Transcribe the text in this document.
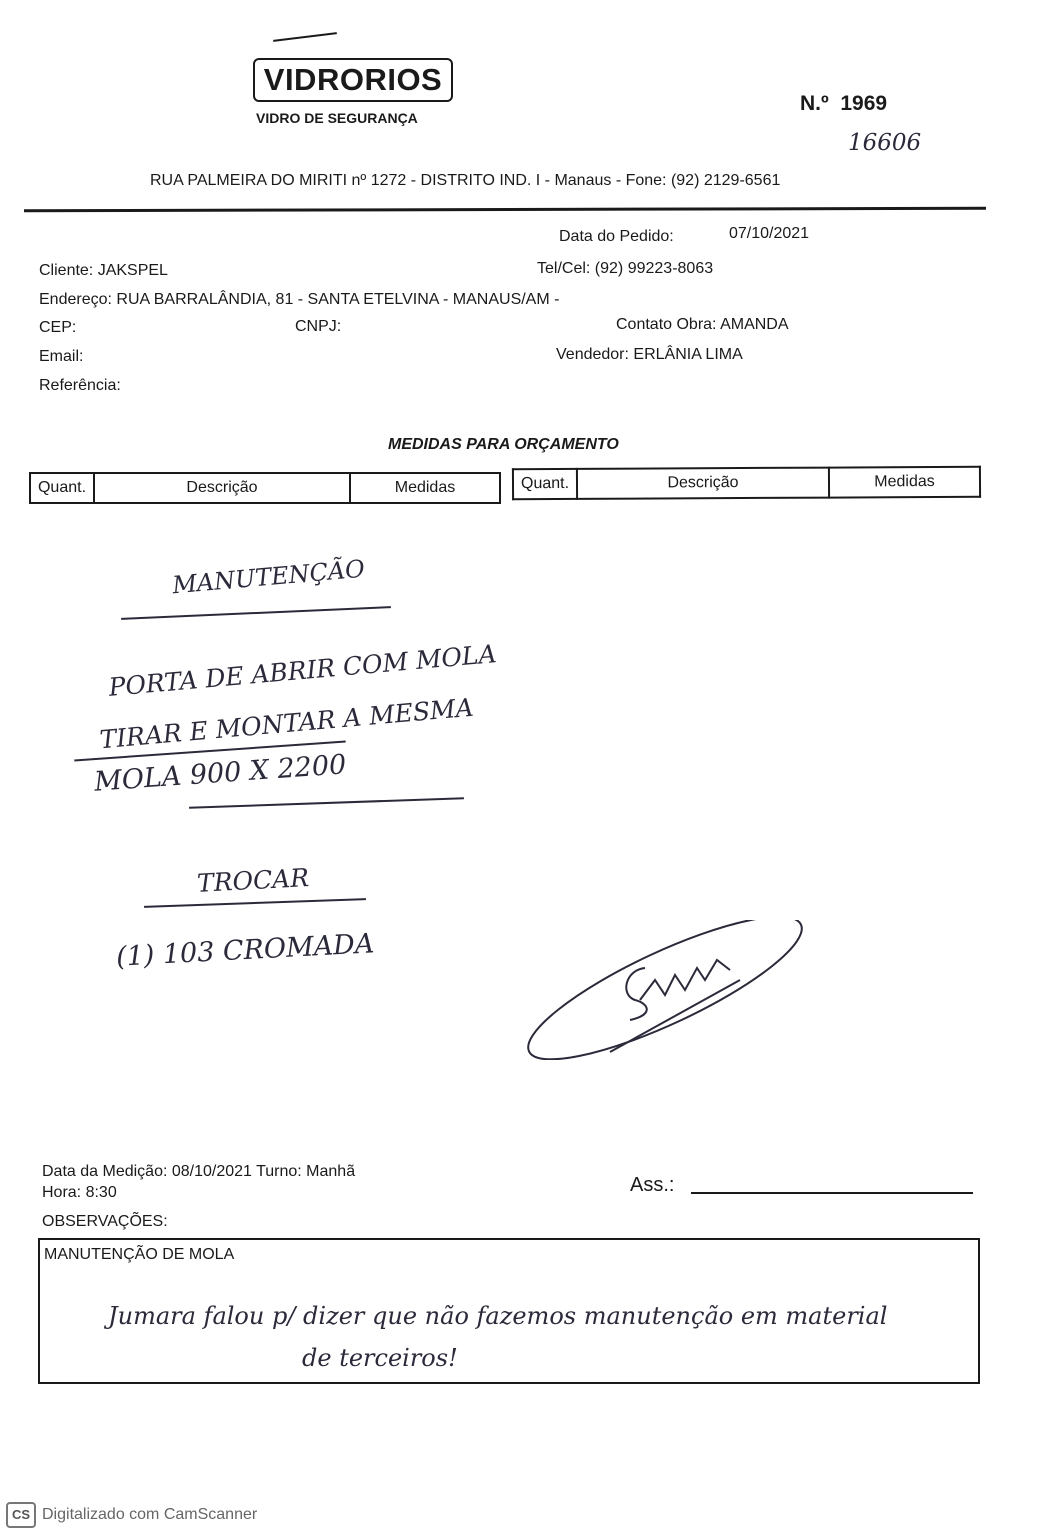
VIDRORIOS
VIDRO DE SEGURANÇA
N.º 1969
16606
RUA PALMEIRA DO MIRITI nº 1272 - DISTRITO IND. I - Manaus - Fone: (92) 2129-6561
Data do Pedido:	07/10/2021
Cliente: JAKSPEL	Tel/Cel: (92) 99223-8063
Endereço: RUA BARRALÂNDIA, 81 - SANTA ETELVINA - MANAUS/AM -
CEP:	CNPJ:	Contato Obra: AMANDA
Email:	Vendedor: ERLÂNIA LIMA
Referência:
MEDIDAS PARA ORÇAMENTO
Quant.	Descrição	Medidas	Quant.	Descrição	Medidas
MANUTENÇÃO
PORTA DE ABRIR COM MOLA
TIRAR E MONTAR A MESMA
MOLA 900 X 2200
TROCAR
(1) 103 CROMADA
Data da Medição: 08/10/2021 Turno: Manhã
Hora: 8:30	Ass.:
OBSERVAÇÕES:
MANUTENÇÃO DE MOLA
Jumara falou p/ dizer que não fazemos manutenção em material
de terceiros!
CS Digitalizado com CamScanner
